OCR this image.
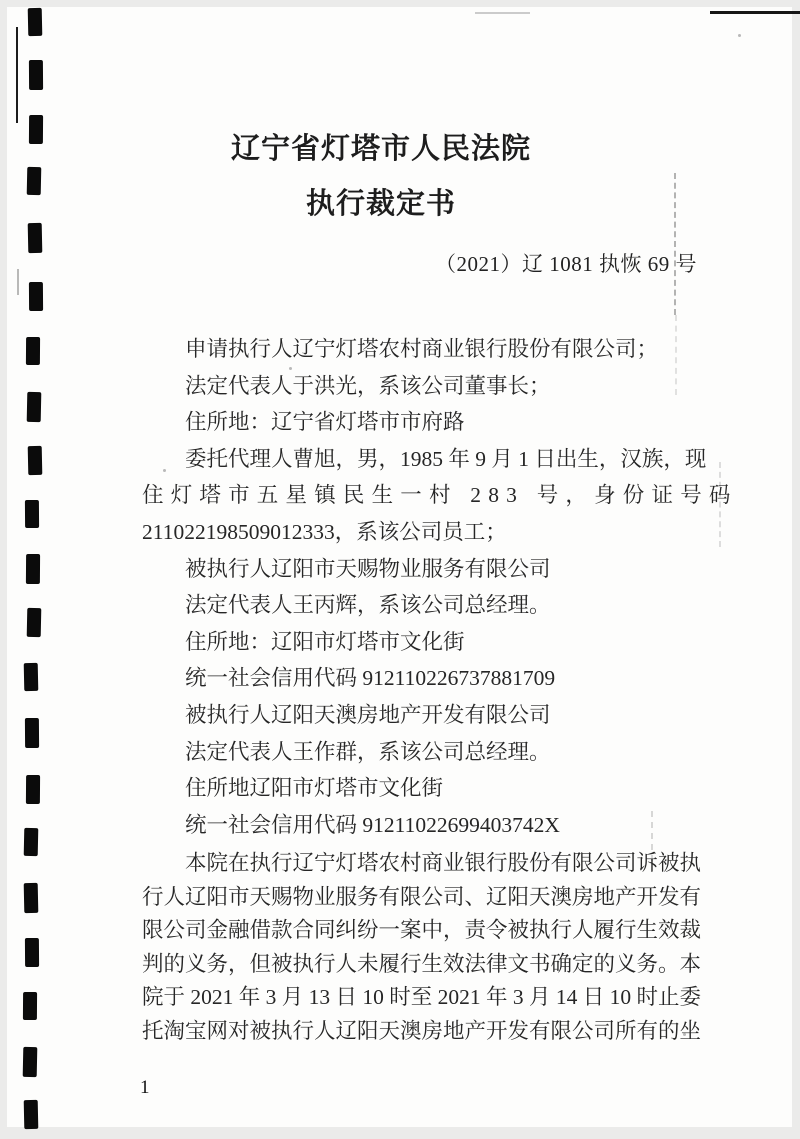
辽宁省灯塔市人民法院
执行裁定书
（2021）辽 1081 执恢 69 号
申请执行人辽宁灯塔农村商业银行股份有限公司；
法定代表人于洪光，系该公司董事长；
住所地：辽宁省灯塔市市府路
委托代理人曹旭，男，1985 年 9 月 1 日出生，汉族，现
住灯塔市五星镇民生一村 283 号，身份证号码
211022198509012333，系该公司员工；
被执行人辽阳市天赐物业服务有限公司
法定代表人王丙辉，系该公司总经理。
住所地：辽阳市灯塔市文化街
统一社会信用代码 912110226737881709
被执行人辽阳天澳房地产开发有限公司
法定代表人王作群，系该公司总经理。
住所地辽阳市灯塔市文化街
统一社会信用代码 91211022699403742X
本院在执行辽宁灯塔农村商业银行股份有限公司诉被执
行人辽阳市天赐物业服务有限公司、辽阳天澳房地产开发有
限公司金融借款合同纠纷一案中，责令被执行人履行生效裁
判的义务，但被执行人未履行生效法律文书确定的义务。本
院于 2021 年 3 月 13 日 10 时至 2021 年 3 月 14 日 10 时止委
托淘宝网对被执行人辽阳天澳房地产开发有限公司所有的坐
1
